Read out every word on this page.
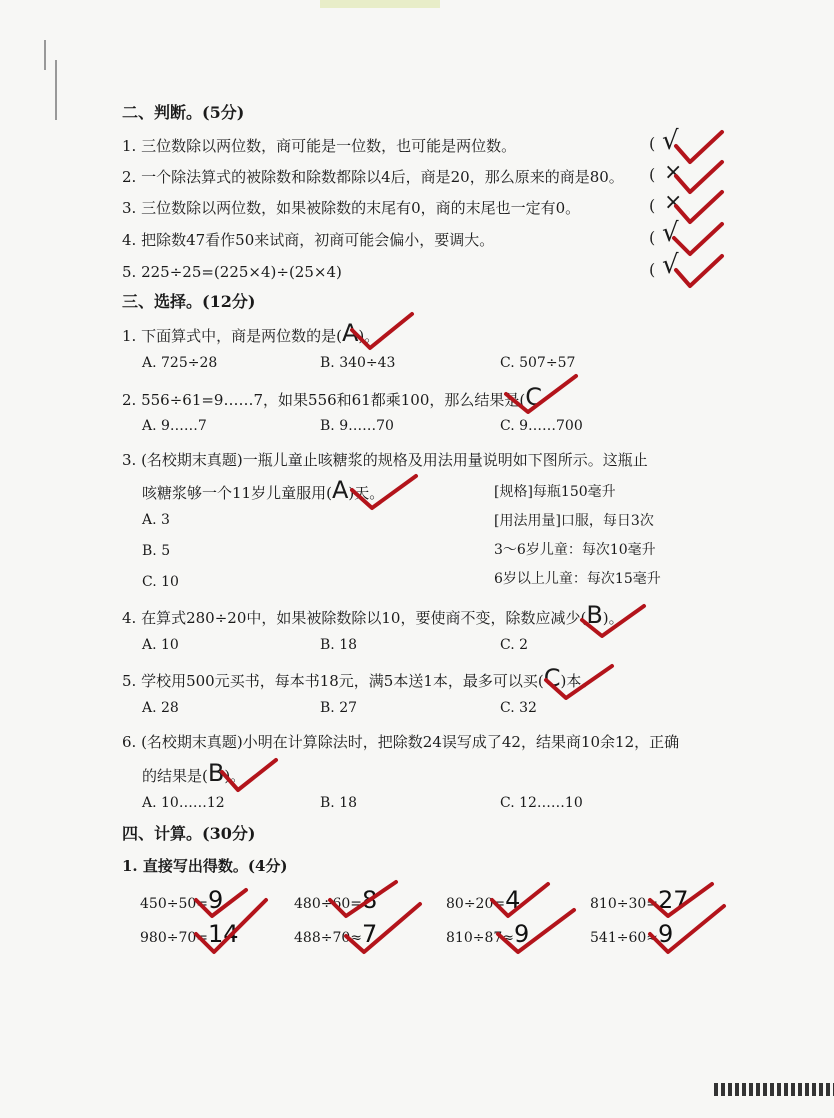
二、判断。(5分)
1. 三位数除以两位数，商可能是一位数，也可能是两位数。	( √
2. 一个除法算式的被除数和除数都除以4后，商是20，那么原来的商是80。 ( ×
3. 三位数除以两位数，如果被除数的末尾有0，商的末尾也一定有0。	( ×
4. 把除数47看作50来试商，初商可能会偏小，要调大。	( √
5. 225÷25=(225×4)÷(25×4)	( √
三、选择。(12分)
1. 下面算式中，商是两位数的是(A)。
A. 725÷28	B. 340÷43	C. 507÷57
2. 556÷61=9……7，如果556和61都乘100，那么结果是(C
A. 9……7	B. 9……70	C. 9……700
3. (名校期末真题)一瓶儿童止咳糖浆的规格及用法用量说明如下图所示。这瓶止
咳糖浆够一个11岁儿童服用(A)天。
A. 3
B. 5
C. 10
[规格]每瓶150毫升
[用法用量]口服，每日3次
3～6岁儿童：每次10毫升
6岁以上儿童：每次15毫升
4. 在算式280÷20中，如果被除数除以10，要使商不变，除数应减少(B)。
A. 10	B. 18	C. 2
5. 学校用500元买书，每本书18元，满5本送1本，最多可以买(C)本。
A. 28	B. 27	C. 32
6. (名校期末真题)小明在计算除法时，把除数24误写成了42，结果商10余12，正确
的结果是(B)。
A. 10……12	B. 18	C. 12……10
四、计算。(30分)
1. 直接写出得数。(4分)
450÷50=9	480÷60=8	80÷20=4	810÷30=27
980÷70=14	488÷70≈7	810÷87≈9	541÷60≈9
